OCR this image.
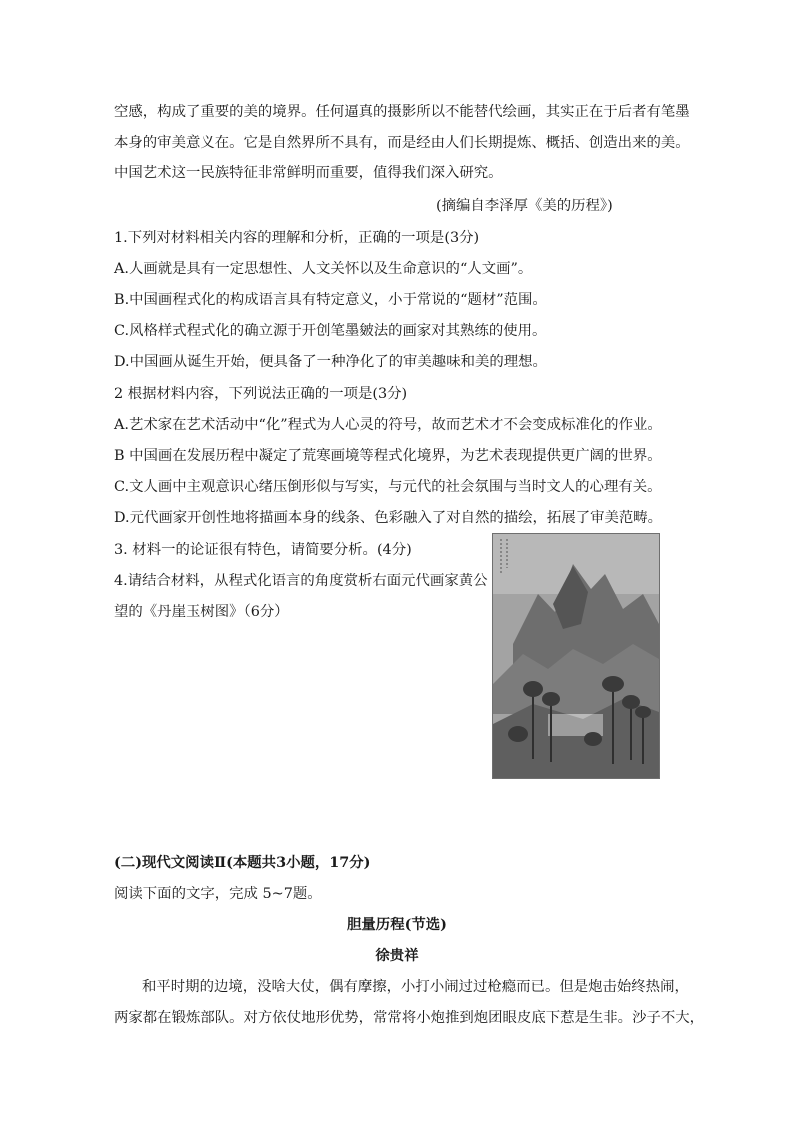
空感，构成了重要的美的境界。任何逼真的摄影所以不能替代绘画，其实正在于后者有笔墨
本身的审美意义在。它是自然界所不具有，而是经由人们长期提炼、概括、创造出来的美。
中国艺术这一民族特征非常鲜明而重要，值得我们深入研究。
(摘编自李泽厚《美的历程》)
1.下列对材料相关内容的理解和分析，正确的一项是(3分)
A.人画就是具有一定思想性、人文关怀以及生命意识的“人文画”。
B.中国画程式化的构成语言具有特定意义，小于常说的“题材”范围。
C.风格样式程式化的确立源于开创笔墨皴法的画家对其熟练的使用。
D.中国画从诞生开始，便具备了一种净化了的审美趣味和美的理想。
2 根据材料内容，下列说法正确的一项是(3分)
A.艺术家在艺术活动中“化”程式为人心灵的符号，故而艺术才不会变成标准化的作业。
B 中国画在发展历程中凝定了荒寒画境等程式化境界，为艺术表现提供更广阔的世界。
C.文人画中主观意识心绪压倒形似与写实，与元代的社会氛围与当时文人的心理有关。
D.元代画家开创性地将描画本身的线条、色彩融入了对自然的描绘，拓展了审美范畴。
3. 材料一的论证很有特色，请简要分析。(4分)
4.请结合材料，从程式化语言的角度赏析右面元代画家黄公
望的《丹崖玉树图》（6分）
(二)现代文阅读Ⅱ(本题共3小题，17分)
阅读下面的文字，完成 5~7题。
胆量历程(节选)
徐贵祥
和平时期的边境，没啥大仗，偶有摩擦，小打小闹过过枪瘾而已。但是炮击始终热闹，
两家都在锻炼部队。对方依仗地形优势，常常将小炮推到炮团眼皮底下惹是生非。沙子不大，
